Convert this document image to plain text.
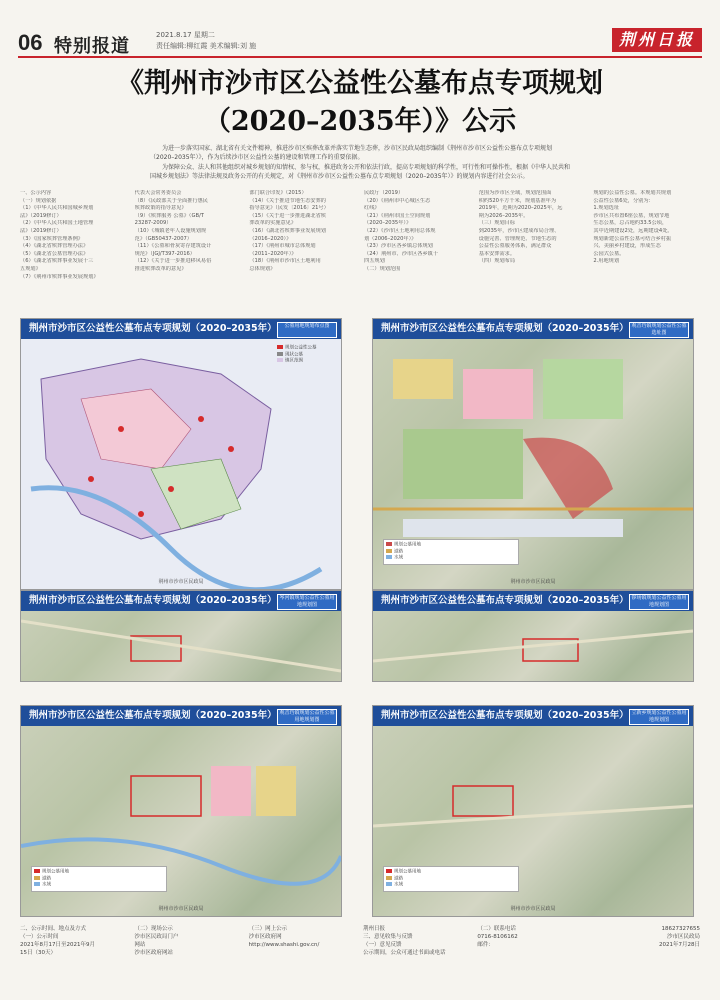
06 特别报道
2021.8.17 星期二
责任编辑:柳红霞 美术编辑:刘 施	荆州日报
《荆州市沙市区公益性公墓布点专项规划
（2020–2035年）》公示

为进一步落实国家、湖北省有关文件精神，推进沙市区殡葬改革并落实节地生态葬，沙市区民政局组织编制《荆州市沙市区公益性公墓布点专项规划（2020–2035年）》，作为后续沙市区公益性公墓的建设和管理工作的重要依据。

为保障公众、法人和其他组织对城乡规划的知情权、参与权，推进政务公开和依法行政，提高专项规划的科学性，可行性和可操作性，根据《中华人民共和国城乡规划法》等法律法规及政务公开的有关规定，对《荆州市沙市区公益性公墓布点专项规划（2020–2035年）》的规划内容进行社会公示。

一、公示内容
（一）规划依据
（1）《中华人民共和国城乡规划
法》（2019修订）
（2）《中华人民共和国土地管理
法》（2019修订）
（3）《国家殡葬管理条例》
（4）《湖北省殡葬管理办法》
（5）《湖北省公墓管理办法》
（6）《湖北省殡葬事业发展十三
五规划》
（7）《荆州市殡葬事业发展规划》
代表大会常务委员会
（8）《民政部关于全面推行惠民
殡葬政策的指导意见》
（9）《殡葬服务 公墓》（GB/T
23287-2009）
（10）《城镇老年人设施规划规
范》（GB50437-2007）
（11）《公墓和骨灰寄存建筑设计
规范》（JGJ/T397-2016）
（12）《关于进一步推进移风易俗
推进殡葬改革的意见》
部门联合印发》（2015）
（14）《关于推进节地生态安葬的
指导意见》（民发〔2016〕21号）
（15）《关于进一步推进湖北省殡
葬改革的实施意见》
（16）《湖北省殡葬事业发展规划
（2016–2020）》
（17）《荆州市城市总体规划
（2011–2020年）》
（18）《荆州市沙市区土地利用
总体规划》
民政厅（2019）
（20）《荆州市中心城区生态
红线》
（21）《荆州市国土空间规划
（2020–2035年）》
（22）《沙市区土地利用总体规
划（2006–2020年）》
（23）沙市区各乡镇总体规划
（24）荆州市、沙市区各乡镇十
四五规划
（二）规划范围
范围为沙市区全域，规划范围面
积约520平方千米，规划基准年为
2019年，近期为2020–2025年，远
期为2026–2035年。
（三）规划目标
到2035年，沙市区建成布局合理、
设施完善、管理规范、节地生态的
公益性公墓服务体系，满足群众
基本安葬需求。
（四）规划布局
规划的公益性公墓。本规划共规划
公益性公墓6处，分别为：
1.规划选址
沙市区共布置6座公墓，规划节地
生态公墓，总占地约33.5公顷，
其中近期建设2处，远期建设4处。
规划新建公益性公墓可结合乡村振
兴、美丽乡村建设，形成生态
公园式公墓。
2.用地规划
荆州市沙市区公益性公墓布点专项规划（2020–2035年）	公墓用地规划布点图
规划公益性公墓
现状公墓
镇区范围
荆州市沙市区民政局
荆州市沙市区公益性公墓布点专项规划（2020–2035年） 观音垱镇规划公益性公墓选址图
规划公墓用地
道路
水域
荆州市沙市区民政局
荆州市沙市区公益性公墓布点专项规划（2020–2035年） 岑河镇规划公益性公墓用地规划图	荆州市沙市区公益性公墓布点专项规划（2020–2035年） 锣场镇规划公益性公墓用地规划图
荆州市沙市区公益性公墓布点专项规划（2020–2035年） 观音垱镇规划公益性公墓用地规划图
规划公墓用地
道路
水域
荆州市沙市区民政局
荆州市沙市区公益性公墓布点专项规划（2020–2035年） 立新乡规划公益性公墓用地规划图
规划公墓用地
道路
水域
荆州市沙市区民政局
二、公示时间、地点及方式
（一）公示时间
2021年8月17日至2021年9月
15日（30天）
（二）现场公示
沙市区民政局门户
网站
沙市区政府网站
（三）网上公示
沙市区政府网
http://www.shashi.gov.cn/
荆州日报
三、意见收集与反馈
（一）意见反馈
公示期间，公众可通过书面或电话
（二）联系电话
0716-8106162
邮件：
18627327655
沙市区民政局
2021年7月28日
